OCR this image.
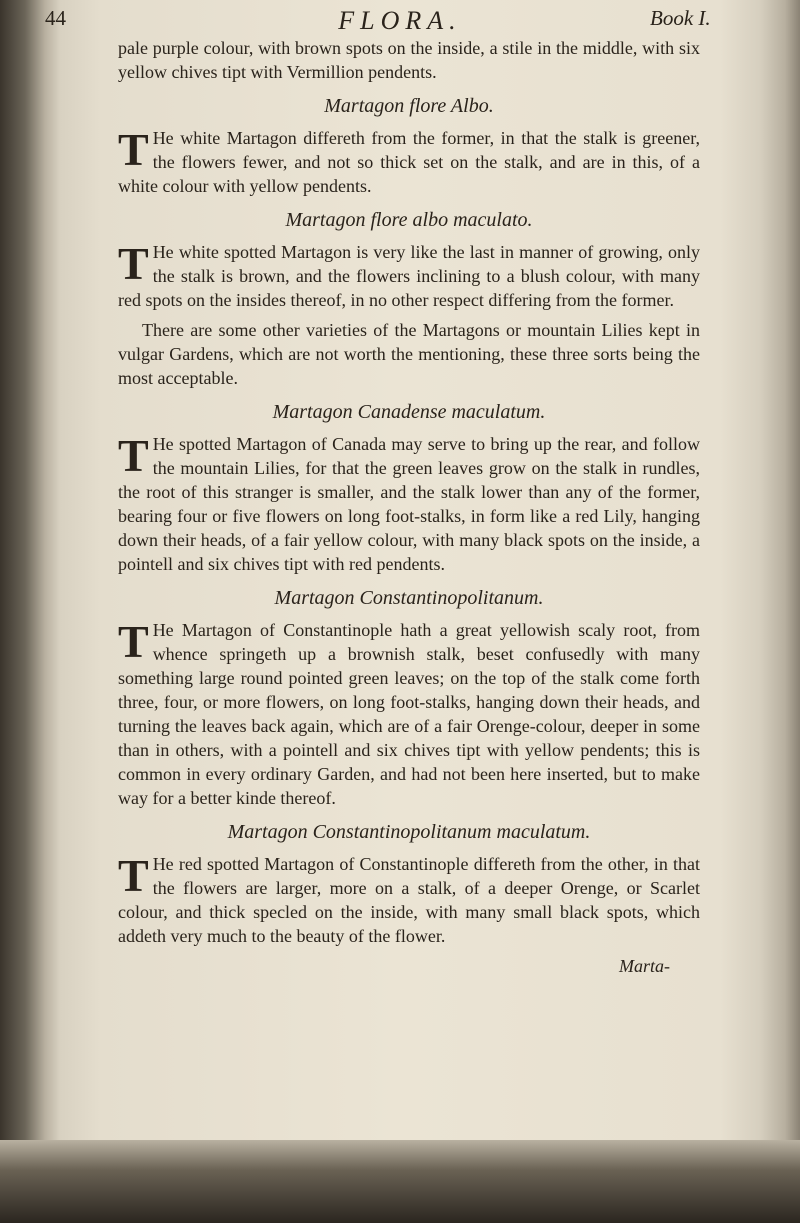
44	FLORA.	Book I.

pale purple colour, with brown spots on the inside, a stile in the middle, with six yellow chives tipt with Vermillion pendents.

Martagon flore Albo.

T He white Martagon differeth from the former, in that the stalk is greener, the flowers fewer, and not so thick set on the stalk, and are in this, of a white colour with yellow pendents.

Martagon flore albo maculato.

T He white spotted Martagon is very like the last in manner of growing, only the stalk is brown, and the flowers inclining to a blush colour, with many red spots on the insides thereof, in no other respect differing from the former.

There are some other varieties of the Martagons or mountain Lilies kept in vulgar Gardens, which are not worth the mentioning, these three sorts being the most acceptable.

Martagon Canadense maculatum.

T He spotted Martagon of Canada may serve to bring up the rear, and follow the mountain Lilies, for that the green leaves grow on the stalk in rundles, the root of this stranger is smaller, and the stalk lower than any of the former, bearing four or five flowers on long foot-stalks, in form like a red Lily, hanging down their heads, of a fair yellow colour, with many black spots on the inside, a pointell and six chives tipt with red pendents.

Martagon Constantinopolitanum.

T He Martagon of Constantinople hath a great yellowish scaly root, from whence springeth up a brownish stalk, beset confusedly with many something large round pointed green leaves; on the top of the stalk come forth three, four, or more flowers, on long foot-stalks, hanging down their heads, and turning the leaves back again, which are of a fair Orenge-colour, deeper in some than in others, with a pointell and six chives tipt with yellow pendents; this is common in every ordinary Garden, and had not been here inserted, but to make way for a better kinde thereof.

Martagon Constantinopolitanum maculatum.

T He red spotted Martagon of Constantinople differeth from the other, in that the flowers are larger, more on a stalk, of a deeper Orenge, or Scarlet colour, and thick specled on the inside, with many small black spots, which addeth very much to the beauty of the flower.

Marta-
